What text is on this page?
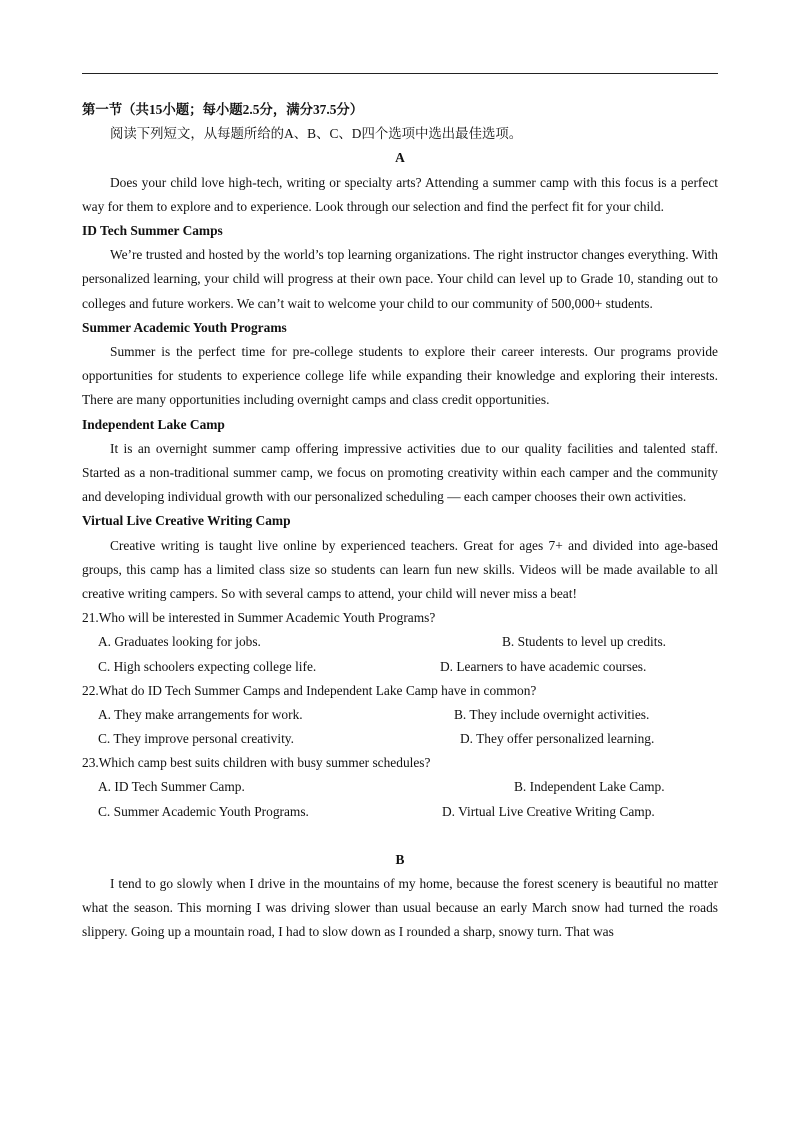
第一节（共15小题；每小题2.5分，满分37.5分）
阅读下列短文，从每题所给的A、B、C、D四个选项中选出最佳选项。
A
Does your child love high-tech, writing or specialty arts? Attending a summer camp with this focus is a perfect way for them to explore and to experience. Look through our selection and find the perfect fit for your child.
ID Tech Summer Camps
We’re trusted and hosted by the world’s top learning organizations. The right instructor changes everything. With personalized learning, your child will progress at their own pace. Your child can level up to Grade 10, standing out to colleges and future workers. We can’t wait to welcome your child to our community of 500,000+ students.
Summer Academic Youth Programs
Summer is the perfect time for pre-college students to explore their career interests. Our programs provide opportunities for students to experience college life while expanding their knowledge and exploring their interests. There are many opportunities including overnight camps and class credit opportunities.
Independent Lake Camp
It is an overnight summer camp offering impressive activities due to our quality facilities and talented staff. Started as a non-traditional summer camp, we focus on promoting creativity within each camper and the community and developing individual growth with our personalized scheduling — each camper chooses their own activities.
Virtual Live Creative Writing Camp
Creative writing is taught live online by experienced teachers. Great for ages 7+ and divided into age-based groups, this camp has a limited class size so students can learn fun new skills. Videos will be made available to all creative writing campers. So with several camps to attend, your child will never miss a beat!
21.Who will be interested in Summer Academic Youth Programs?
A. Graduates looking for jobs.	B. Students to level up credits.
C. High schoolers expecting college life.	D. Learners to have academic courses.
22.What do ID Tech Summer Camps and Independent Lake Camp have in common?
A. They make arrangements for work.	B. They include overnight activities.
C. They improve personal creativity.	D. They offer personalized learning.
23.Which camp best suits children with busy summer schedules?
A. ID Tech Summer Camp.	B. Independent Lake Camp.
C. Summer Academic Youth Programs.	D. Virtual Live Creative Writing Camp.
B
I tend to go slowly when I drive in the mountains of my home, because the forest scenery is beautiful no matter what the season. This morning I was driving slower than usual because an early March snow had turned the roads slippery. Going up a mountain road, I had to slow down as I rounded a sharp, snowy turn. That was
